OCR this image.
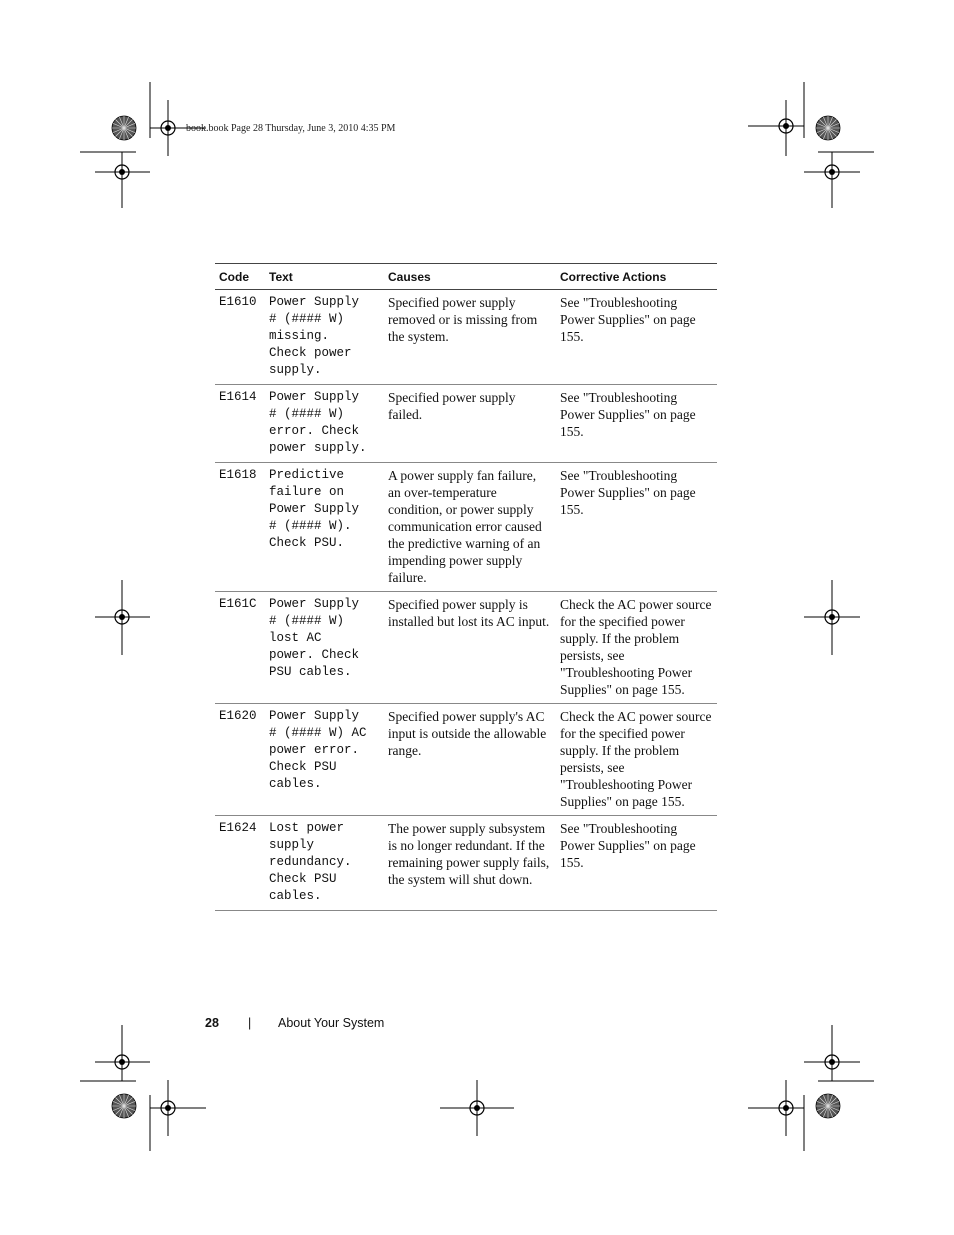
book.book Page 28 Thursday, June 3, 2010 4:35 PM
Code	Text	Causes	Corrective Actions
E1610	Power Supply
# (#### W)
missing.
Check power
supply.	Specified power supply removed or is missing from the system.	See "Troubleshooting Power Supplies" on page 155.
E1614	Power Supply
# (#### W)
error. Check
power supply.	Specified power supply failed.	See "Troubleshooting Power Supplies" on page 155.
E1618	Predictive
failure on
Power Supply
# (#### W).
Check PSU.	A power supply fan failure, an over-temperature condition, or power supply communication error caused the predictive warning of an impending power supply failure.	See "Troubleshooting Power Supplies" on page 155.
E161C	Power Supply
# (#### W)
lost AC
power. Check
PSU cables.	Specified power supply is installed but lost its AC input.	Check the AC power source for the specified power supply. If the problem persists, see "Troubleshooting Power Supplies" on page 155.
E1620	Power Supply
# (#### W) AC
power error.
Check PSU
cables.	Specified power supply's AC input is outside the allowable range.	Check the AC power source for the specified power supply. If the problem persists, see "Troubleshooting Power Supplies" on page 155.
E1624	Lost power
supply
redundancy.
Check PSU
cables.	The power supply subsystem is no longer redundant. If the remaining power supply fails, the system will shut down.	See "Troubleshooting Power Supplies" on page 155.
28 | About Your System
